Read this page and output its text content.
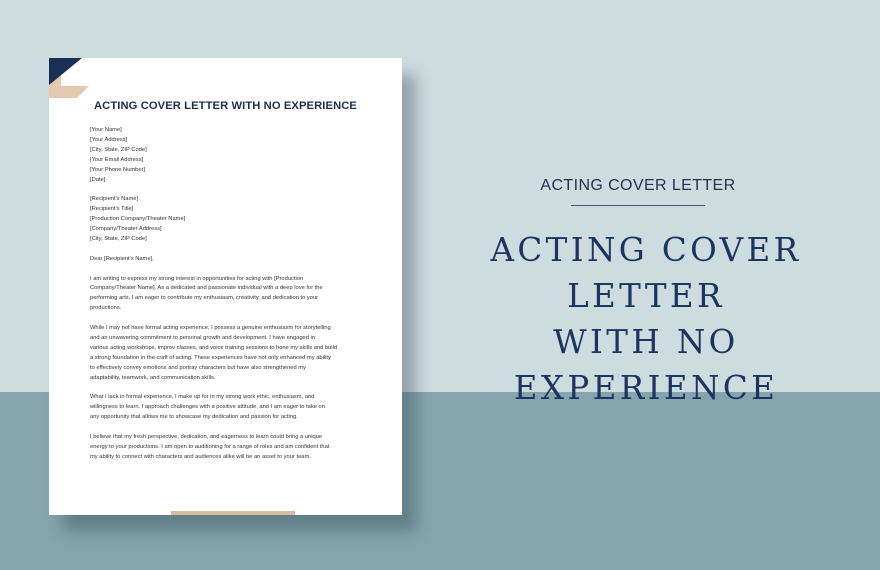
ACTING COVER LETTER WITH NO EXPERIENCE
[Your Name]
[Your Address]
[City, State, ZIP Code]
[Your Email Address]
[Your Phone Number]
[Date]
[Recipient's Name]
[Recipient's Title]
[Production Company/Theater Name]
[Company/Theater Address]
[City, State, ZIP Code]
Dear [Recipient's Name],
I am writing to express my strong interest in opportunities for acting with [Production
Company/Theater Name]. As a dedicated and passionate individual with a deep love for the
performing arts, I am eager to contribute my enthusiasm, creativity, and dedication to your
productions.
While I may not have formal acting experience, I possess a genuine enthusiasm for storytelling
and an unwavering commitment to personal growth and development. I have engaged in
various acting workshops, improv classes, and voice training sessions to hone my skills and build
a strong foundation in the craft of acting. These experiences have not only enhanced my ability
to effectively convey emotions and portray characters but have also strengthened my
adaptability, teamwork, and communication skills.
What I lack in formal experience, I make up for in my strong work ethic, enthusiasm, and
willingness to learn. I approach challenges with a positive attitude, and I am eager to take on
any opportunity that allows me to showcase my dedication and passion for acting.
I believe that my fresh perspective, dedication, and eagerness to learn could bring a unique
energy to your productions. I am open to auditioning for a range of roles and am confident that
my ability to connect with characters and audiences alike will be an asset to your team.
ACTING COVER LETTER
ACTING COVER LETTER
WITH NO EXPERIENCE
